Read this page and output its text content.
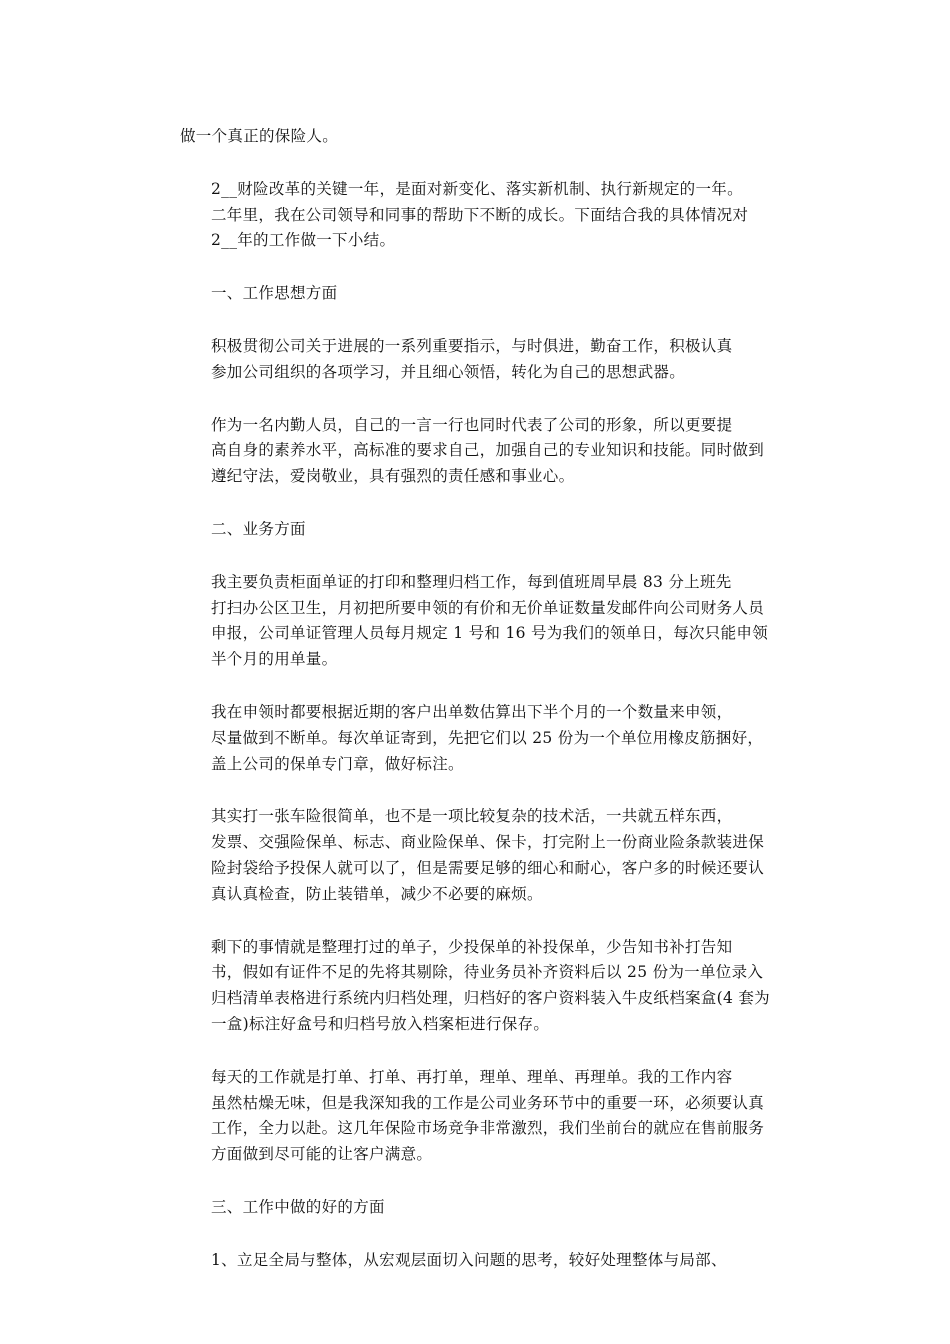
做一个真正的保险人。

2__财险改革的关键一年，是面对新变化、落实新机制、执行新规定的一年。
二年里，我在公司领导和同事的帮助下不断的成长。下面结合我的具体情况对
2__年的工作做一下小结。

一、工作思想方面

积极贯彻公司关于进展的一系列重要指示，与时俱进，勤奋工作，积极认真
参加公司组织的各项学习，并且细心领悟，转化为自己的思想武器。

作为一名内勤人员，自己的一言一行也同时代表了公司的形象，所以更要提
高自身的素养水平，高标准的要求自己，加强自己的专业知识和技能。同时做到
遵纪守法，爱岗敬业，具有强烈的责任感和事业心。

二、业务方面

我主要负责柜面单证的打印和整理归档工作，每到值班周早晨 83 分上班先
打扫办公区卫生，月初把所要申领的有价和无价单证数量发邮件向公司财务人员
申报，公司单证管理人员每月规定 1 号和 16 号为我们的领单日，每次只能申领
半个月的用单量。

我在申领时都要根据近期的客户出单数估算出下半个月的一个数量来申领，
尽量做到不断单。每次单证寄到，先把它们以 25 份为一个单位用橡皮筋捆好，
盖上公司的保单专门章，做好标注。

其实打一张车险很简单，也不是一项比较复杂的技术活，一共就五样东西，
发票、交强险保单、标志、商业险保单、保卡，打完附上一份商业险条款装进保
险封袋给予投保人就可以了，但是需要足够的细心和耐心，客户多的时候还要认
真认真检查，防止装错单，减少不必要的麻烦。

剩下的事情就是整理打过的单子，少投保单的补投保单，少告知书补打告知
书，假如有证件不足的先将其剔除，待业务员补齐资料后以 25 份为一单位录入
归档清单表格进行系统内归档处理，归档好的客户资料装入牛皮纸档案盒(4 套为
一盒)标注好盒号和归档号放入档案柜进行保存。

每天的工作就是打单、打单、再打单，理单、理单、再理单。我的工作内容
虽然枯燥无味，但是我深知我的工作是公司业务环节中的重要一环，必须要认真
工作，全力以赴。这几年保险市场竞争非常激烈，我们坐前台的就应在售前服务
方面做到尽可能的让客户满意。

三、工作中做的好的方面

1、立足全局与整体，从宏观层面切入问题的思考，较好处理整体与局部、
